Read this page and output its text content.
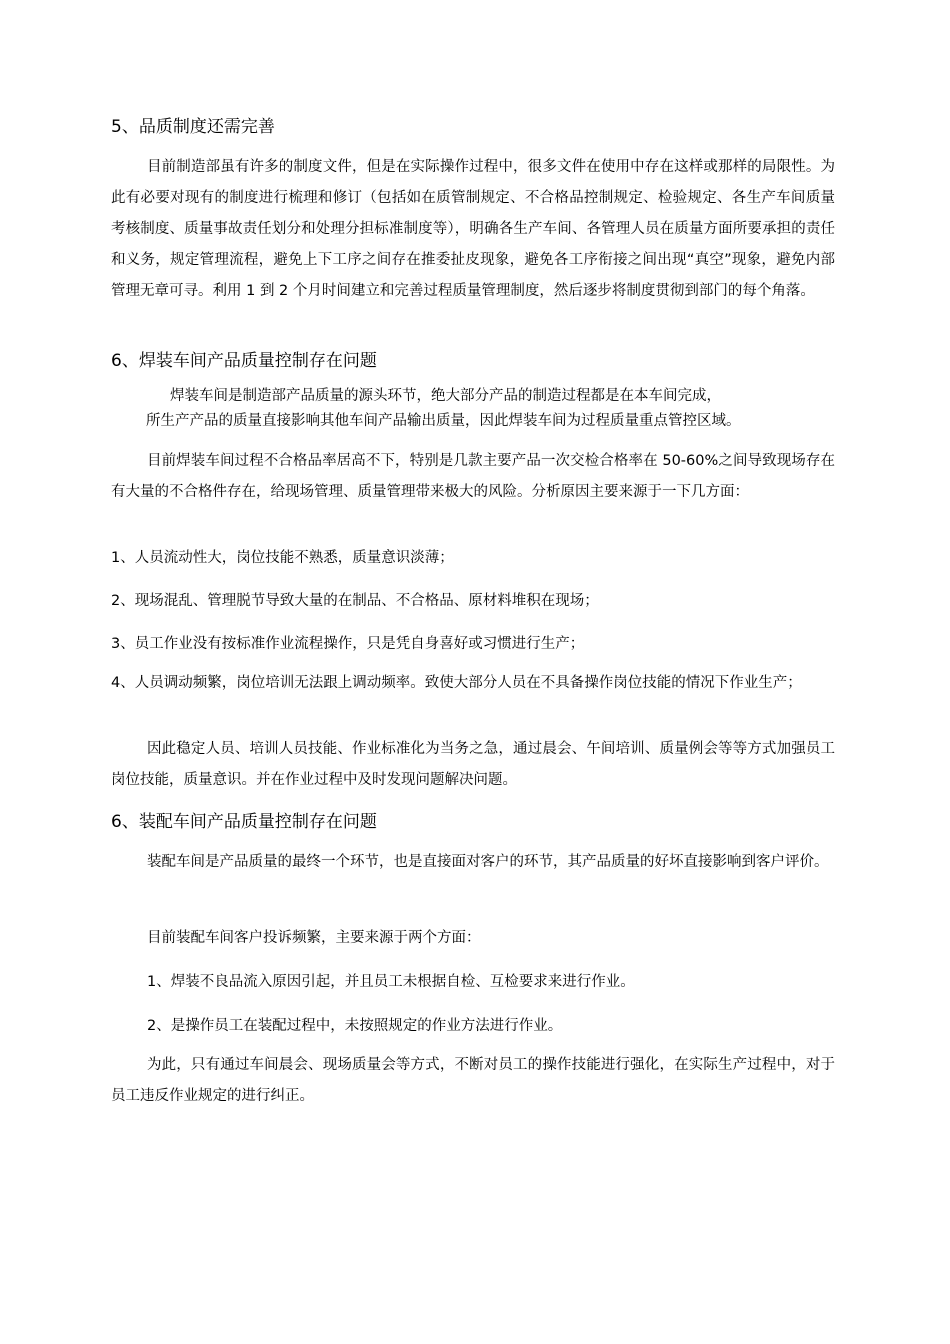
5、品质制度还需完善
目前制造部虽有许多的制度文件，但是在实际操作过程中，很多文件在使用中存在这样或那样的局限性。为此有必要对现有的制度进行梳理和修订（包括如在质管制规定、不合格品控制规定、检验规定、各生产车间质量考核制度、质量事故责任划分和处理分担标准制度等），明确各生产车间、各管理人员在质量方面所要承担的责任和义务，规定管理流程，避免上下工序之间存在推委扯皮现象，避免各工序衔接之间出现“真空”现象，避免内部管理无章可寻。利用 1 到 2 个月时间建立和完善过程质量管理制度，然后逐步将制度贯彻到部门的每个角落。
6、焊装车间产品质量控制存在问题
焊装车间是制造部产品质量的源头环节，绝大部分产品的制造过程都是在本车间完成，
所生产产品的质量直接影响其他车间产品输出质量，因此焊装车间为过程质量重点管控区域。
目前焊装车间过程不合格品率居高不下，特别是几款主要产品一次交检合格率在 50-60%之间导致现场存在有大量的不合格件存在，给现场管理、质量管理带来极大的风险。分析原因主要来源于一下几方面：
1、人员流动性大，岗位技能不熟悉，质量意识淡薄；
2、现场混乱、管理脱节导致大量的在制品、不合格品、原材料堆积在现场；
3、员工作业没有按标准作业流程操作，只是凭自身喜好或习惯进行生产；
4、人员调动频繁，岗位培训无法跟上调动频率。致使大部分人员在不具备操作岗位技能的情况下作业生产；
因此稳定人员、培训人员技能、作业标准化为当务之急，通过晨会、午间培训、质量例会等等方式加强员工岗位技能，质量意识。并在作业过程中及时发现问题解决问题。
6、装配车间产品质量控制存在问题
装配车间是产品质量的最终一个环节，也是直接面对客户的环节，其产品质量的好坏直接影响到客户评价。
目前装配车间客户投诉频繁，主要来源于两个方面：
1、焊装不良品流入原因引起，并且员工未根据自检、互检要求来进行作业。
2、是操作员工在装配过程中，未按照规定的作业方法进行作业。
为此，只有通过车间晨会、现场质量会等方式，不断对员工的操作技能进行强化，在实际生产过程中，对于员工违反作业规定的进行纠正。
